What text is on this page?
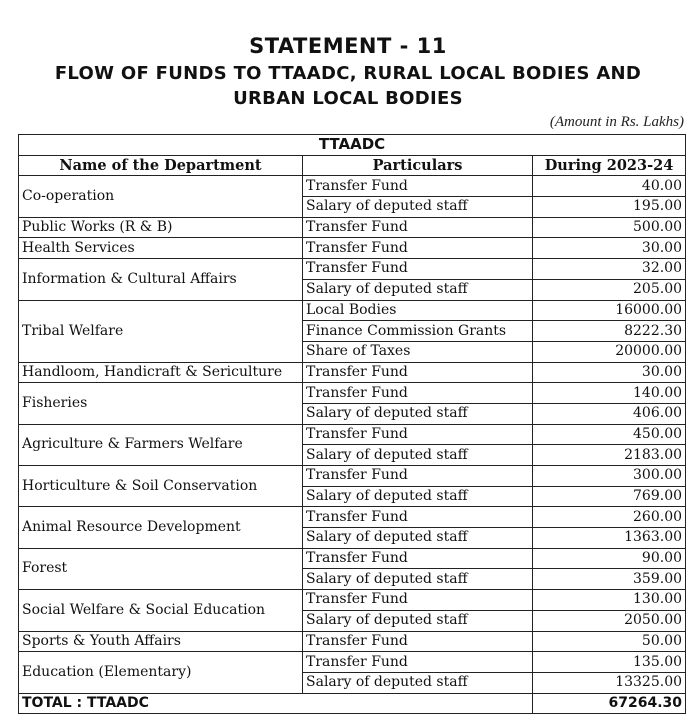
STATEMENT - 11
FLOW OF FUNDS TO TTAADC, RURAL LOCAL BODIES AND
URBAN LOCAL BODIES
(Amount in Rs. Lakhs)
TTAADC		
Name of the Department	Particulars	During 2023-24
Co-operation	Transfer Fund	40.00
	Salary of deputed staff	195.00
Public Works (R & B)	Transfer Fund	500.00
Health Services	Transfer Fund	30.00
Information & Cultural Affairs	Transfer Fund	32.00
	Salary of deputed staff	205.00
Tribal Welfare	Local Bodies	16000.00
	Finance Commission Grants	8222.30
	Share of Taxes	20000.00
Handloom, Handicraft & Sericulture	Transfer Fund	30.00
Fisheries	Transfer Fund	140.00
	Salary of deputed staff	406.00
Agriculture & Farmers Welfare	Transfer Fund	450.00
	Salary of deputed staff	2183.00
Horticulture & Soil Conservation	Transfer Fund	300.00
	Salary of deputed staff	769.00
Animal Resource Development	Transfer Fund	260.00
	Salary of deputed staff	1363.00
Forest	Transfer Fund	90.00
	Salary of deputed staff	359.00
Social Welfare & Social Education	Transfer Fund	130.00
	Salary of deputed staff	2050.00
Sports & Youth Affairs	Transfer Fund	50.00
Education (Elementary)	Transfer Fund	135.00
	Salary of deputed staff	13325.00
TOTAL : TTAADC		67264.30
